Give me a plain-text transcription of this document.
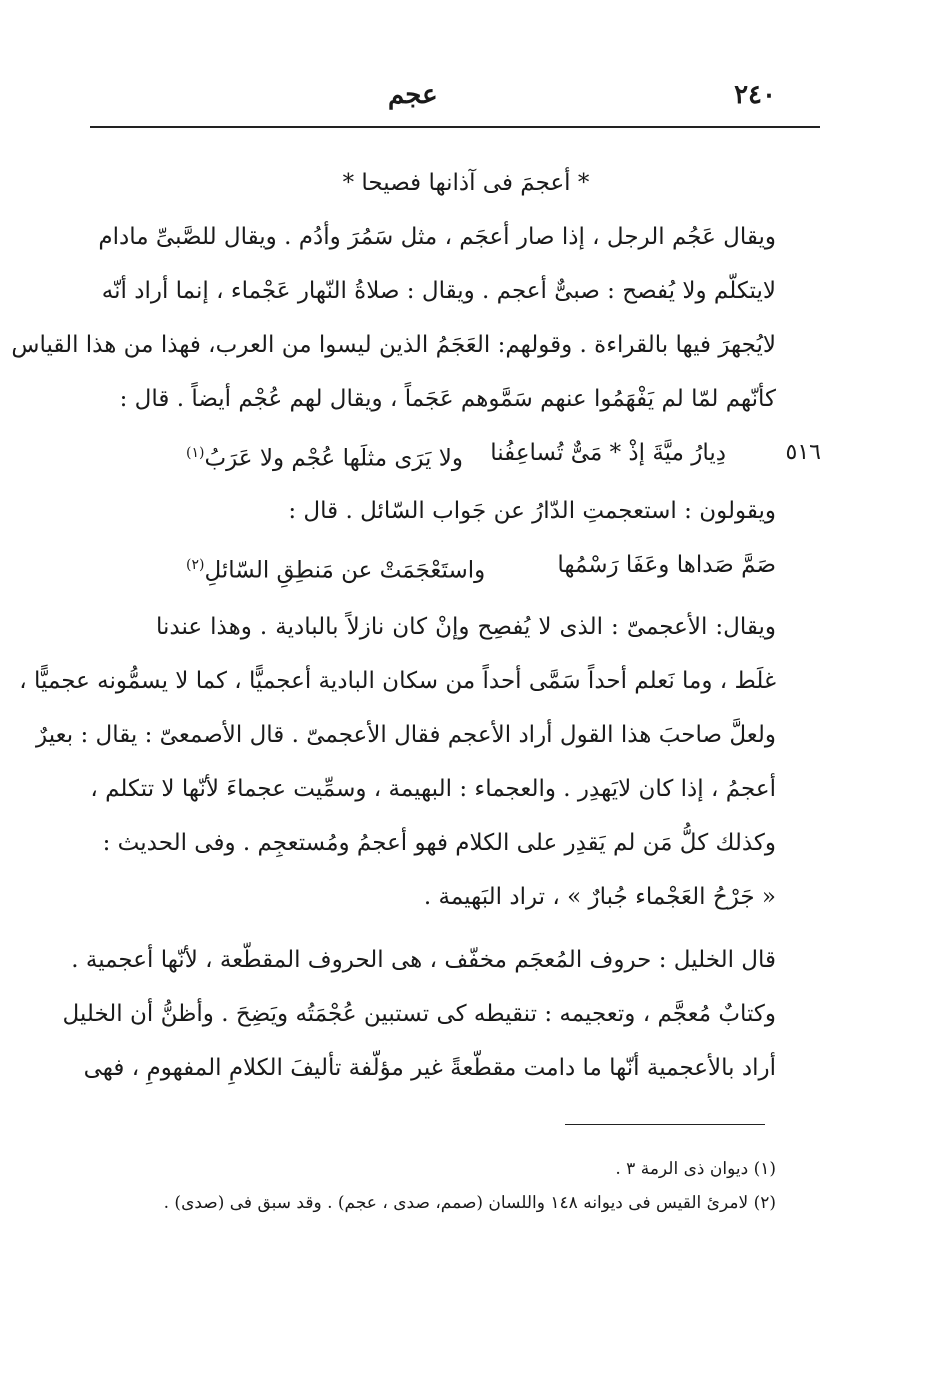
٢٤٠
عجم
* أعجمَ فى آذانها فصيحا *
ويقال عَجُم الرجل ، إذا صار أعجَم ، مثل سَمُرَ وأدُم . ويقال للصَّبىِّ مادام
لايتكلّم ولا يُفصح : صبىٌّ أعجم . ويقال : صلاةُ النّهار عَجْماء ، إنما أراد أنّه
لايُجهرَ فيها بالقراءة . وقولهم: العَجَمُ الذين ليسوا من العرب، فهذا من هذا القياس
كأنّهم لمّا لم يَفْهَمُوا عنهم سَمَّوهم عَجَماً ، ويقال لهم عُجْم أيضاً . قال :
٥١٦
دِيارُ ميَّةَ إذْ * مَىٌّ تُساعِفُنا
ولا يَرَى مثلَها عُجْم ولا عَرَبُ$^{(١)}$
ويقولون : استعجمتِ الدّارُ عن جَواب السّائل . قال :
صَمَّ صَداها وعَفَا رَسْمُها
واستَعْجَمَتْ عن مَنطِقِ السّائلِ$^{(٢)}$
ويقال: الأعجمىّ : الذى لا يُفصِح وإنْ كان نازلاً بالبادية . وهذا عندنا
غلَط ، وما نَعلم أحداً سَمَّى أحداً من سكان البادية أعجميًّا ، كما لا يسمُّونه عجميًّا ،
ولعلَّ صاحبَ هذا القول أراد الأعجم فقال الأعجمىّ . قال الأصمعىّ : يقال : بعيرٌ
أعجمُ ، إذا كان لايَهدِر . والعجماء : البهيمة ، وسمِّيت عجماءَ لأنّها لا تتكلم ،
وكذلك كلُّ مَن لم يَقدِر على الكلام فهو أعجمُ ومُستعجِم . وفى الحديث :
« جَرْحُ العَجْماء جُبارٌ » ، تراد البَهيمة .
قال الخليل : حروف المُعجَم مخفّف ، هى الحروف المقطّعة ، لأنّها أعجمية .
وكتابٌ مُعجَّم ، وتعجيمه : تنقيطه كى تستبين عُجْمَتُه ويَضِحَ . وأظنُّ أن الخليل
أراد بالأعجمية أنّها ما دامت مقطّعةً غير مؤلّفة تأليفَ الكلامِ المفهومِ ، فهى
(١) ديوان ذى الرمة ٣ .
(٢) لامرئ القيس فى ديوانه ١٤٨ واللسان (صمم، صدى ، عجم) . وقد سبق فى (صدى) .
